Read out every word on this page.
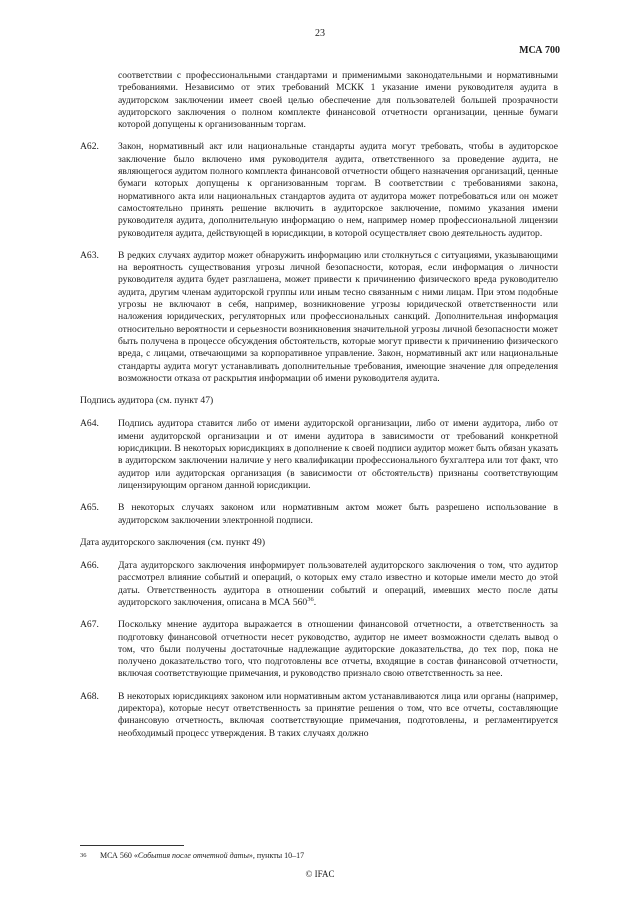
23
МСА 700
соответствии с профессиональными стандартами и применимыми законодательными и нормативными требованиями. Независимо от этих требований МСКК 1 указание имени руководителя аудита в аудиторском заключении имеет своей целью обеспечение для пользователей большей прозрачности аудиторского заключения о полном комплекте финансовой отчетности организации, ценные бумаги которой допущены к организованным торгам.
A62.	Закон, нормативный акт или национальные стандарты аудита могут требовать, чтобы в аудиторское заключение было включено имя руководителя аудита, ответственного за проведение аудита, не являющегося аудитом полного комплекта финансовой отчетности общего назначения организаций, ценные бумаги которых допущены к организованным торгам. В соответствии с требованиями закона, нормативного акта или национальных стандартов аудита от аудитора может потребоваться или он может самостоятельно принять решение включить в аудиторское заключение, помимо указания имени руководителя аудита, дополнительную информацию о нем, например номер профессиональной лицензии руководителя аудита, действующей в юрисдикции, в которой осуществляет свою деятельность аудитор.
A63.	В редких случаях аудитор может обнаружить информацию или столкнуться с ситуациями, указывающими на вероятность существования угрозы личной безопасности, которая, если информация о личности руководителя аудита будет разглашена, может привести к причинению физического вреда руководителю аудита, другим членам аудиторской группы или иным тесно связанным с ними лицам. При этом подобные угрозы не включают в себя, например, возникновение угрозы юридической ответственности или наложения юридических, регуляторных или профессиональных санкций. Дополнительная информация относительно вероятности и серьезности возникновения значительной угрозы личной безопасности может быть получена в процессе обсуждения обстоятельств, которые могут привести к причинению физического вреда, с лицами, отвечающими за корпоративное управление. Закон, нормативный акт или национальные стандарты аудита могут устанавливать дополнительные требования, имеющие значение для определения возможности отказа от раскрытия информации об имени руководителя аудита.
Подпись аудитора (см. пункт 47)
A64.	Подпись аудитора ставится либо от имени аудиторской организации, либо от имени аудитора, либо от имени аудиторской организации и от имени аудитора в зависимости от требований конкретной юрисдикции. В некоторых юрисдикциях в дополнение к своей подписи аудитор может быть обязан указать в аудиторском заключении наличие у него квалификации профессионального бухгалтера или тот факт, что аудитор или аудиторская организация (в зависимости от обстоятельств) признаны соответствующим лицензирующим органом данной юрисдикции.
A65.	В некоторых случаях законом или нормативным актом может быть разрешено использование в аудиторском заключении электронной подписи.
Дата аудиторского заключения (см. пункт 49)
A66.	Дата аудиторского заключения информирует пользователей аудиторского заключения о том, что аудитор рассмотрел влияние событий и операций, о которых ему стало известно и которые имели место до этой даты. Ответственность аудитора в отношении событий и операций, имевших место после даты аудиторского заключения, описана в МСА $560^{36}$.
A67.	Поскольку мнение аудитора выражается в отношении финансовой отчетности, а ответственность за подготовку финансовой отчетности несет руководство, аудитор не имеет возможности сделать вывод о том, что были получены достаточные надлежащие аудиторские доказательства, до тех пор, пока не получено доказательство того, что подготовлены все отчеты, входящие в состав финансовой отчетности, включая соответствующие примечания, и руководство признало свою ответственность за нее.
A68.	В некоторых юрисдикциях законом или нормативным актом устанавливаются лица или органы (например, директора), которые несут ответственность за принятие решения о том, что все отчеты, составляющие финансовую отчетность, включая соответствующие примечания, подготовлены, и регламентируется необходимый процесс утверждения. В таких случаях должно
36 МСА 560 «События после отчетной даты», пункты 10–17
© IFAC
